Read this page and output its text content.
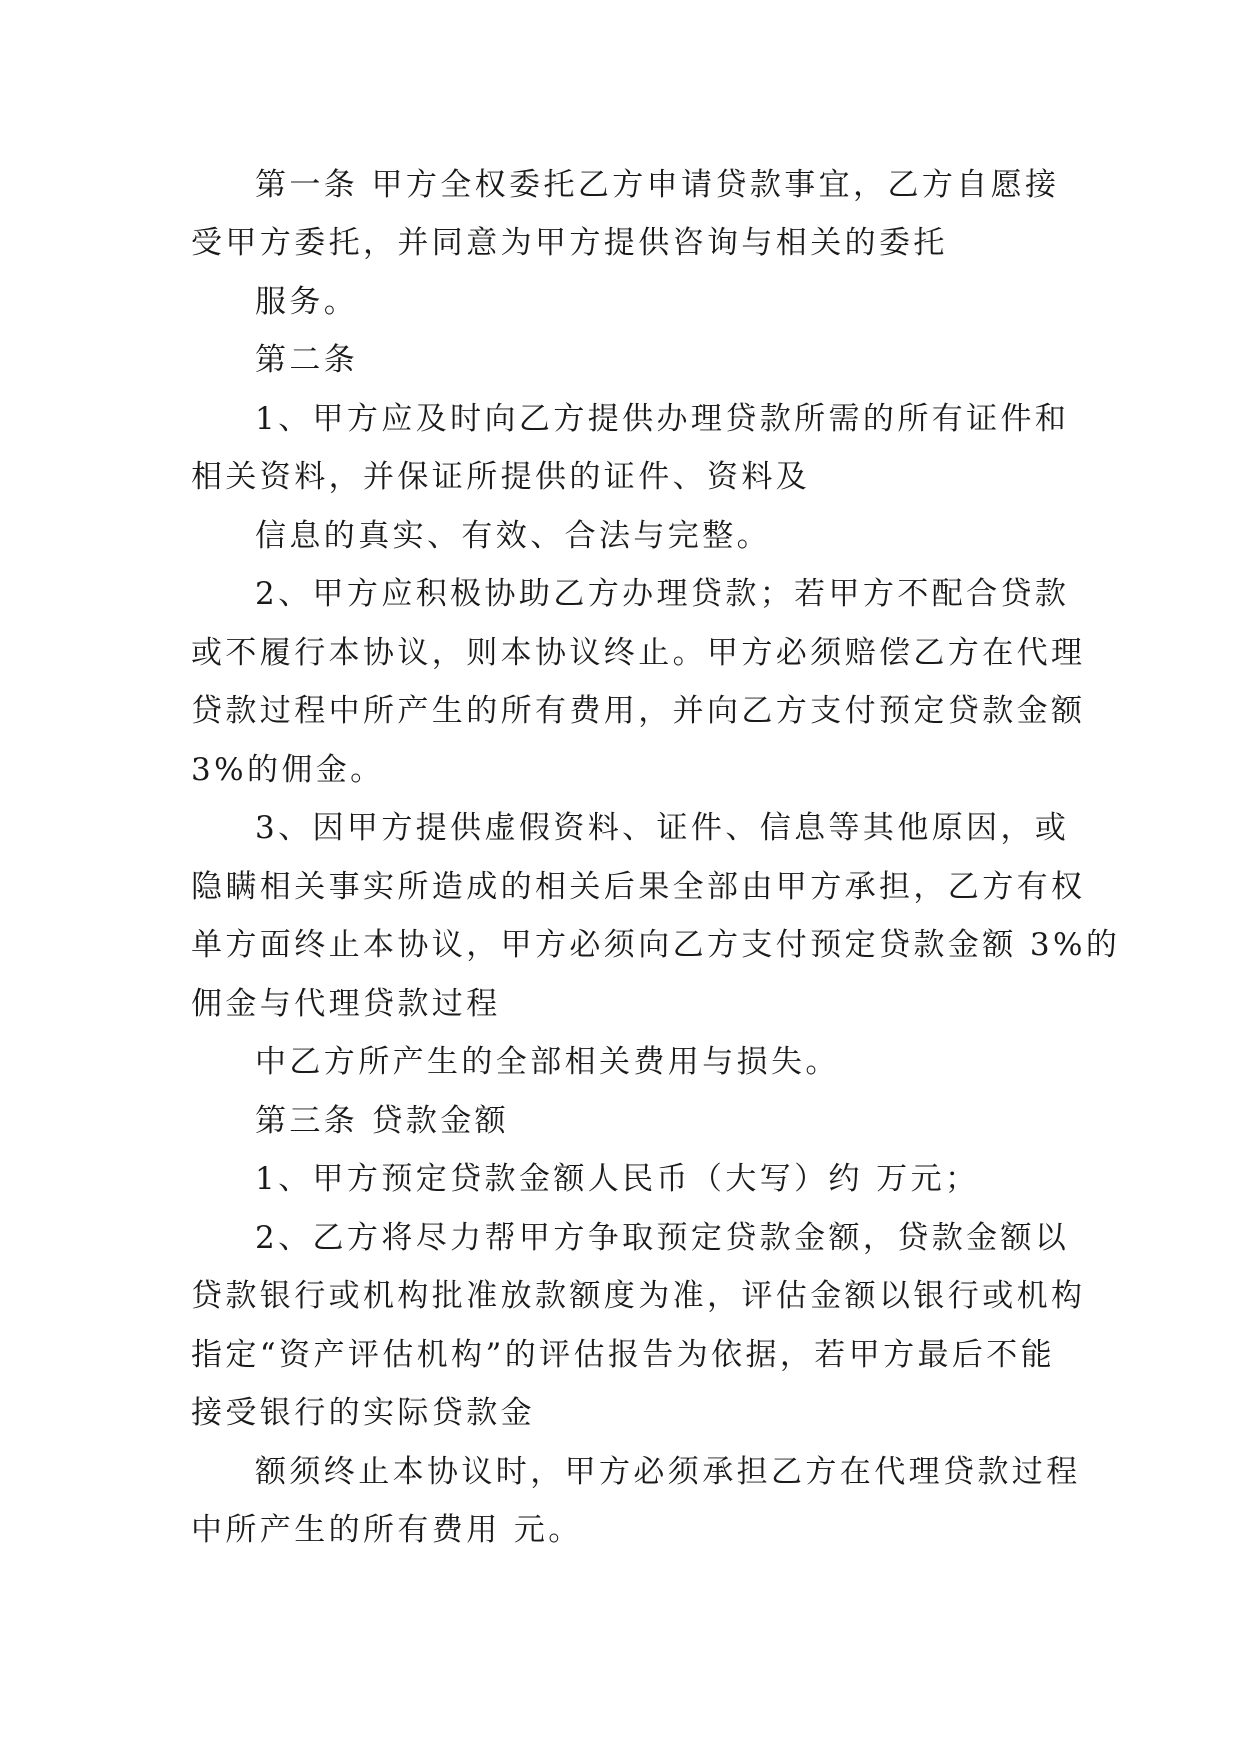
第一条 甲方全权委托乙方申请贷款事宜，乙方自愿接
受甲方委托，并同意为甲方提供咨询与相关的委托
服务。
第二条
1、甲方应及时向乙方提供办理贷款所需的所有证件和
相关资料，并保证所提供的证件、资料及
信息的真实、有效、合法与完整。
2、甲方应积极协助乙方办理贷款；若甲方不配合贷款
或不履行本协议，则本协议终止。甲方必须赔偿乙方在代理
贷款过程中所产生的所有费用，并向乙方支付预定贷款金额
3%的佣金。
3、因甲方提供虚假资料、证件、信息等其他原因，或
隐瞒相关事实所造成的相关后果全部由甲方承担，乙方有权
单方面终止本协议，甲方必须向乙方支付预定贷款金额 3%的
佣金与代理贷款过程
中乙方所产生的全部相关费用与损失。
第三条 贷款金额
1、甲方预定贷款金额人民币（大写）约 万元；
2、乙方将尽力帮甲方争取预定贷款金额，贷款金额以
贷款银行或机构批准放款额度为准，评估金额以银行或机构
指定“资产评估机构”的评估报告为依据，若甲方最后不能
接受银行的实际贷款金
额须终止本协议时，甲方必须承担乙方在代理贷款过程
中所产生的所有费用 元。
